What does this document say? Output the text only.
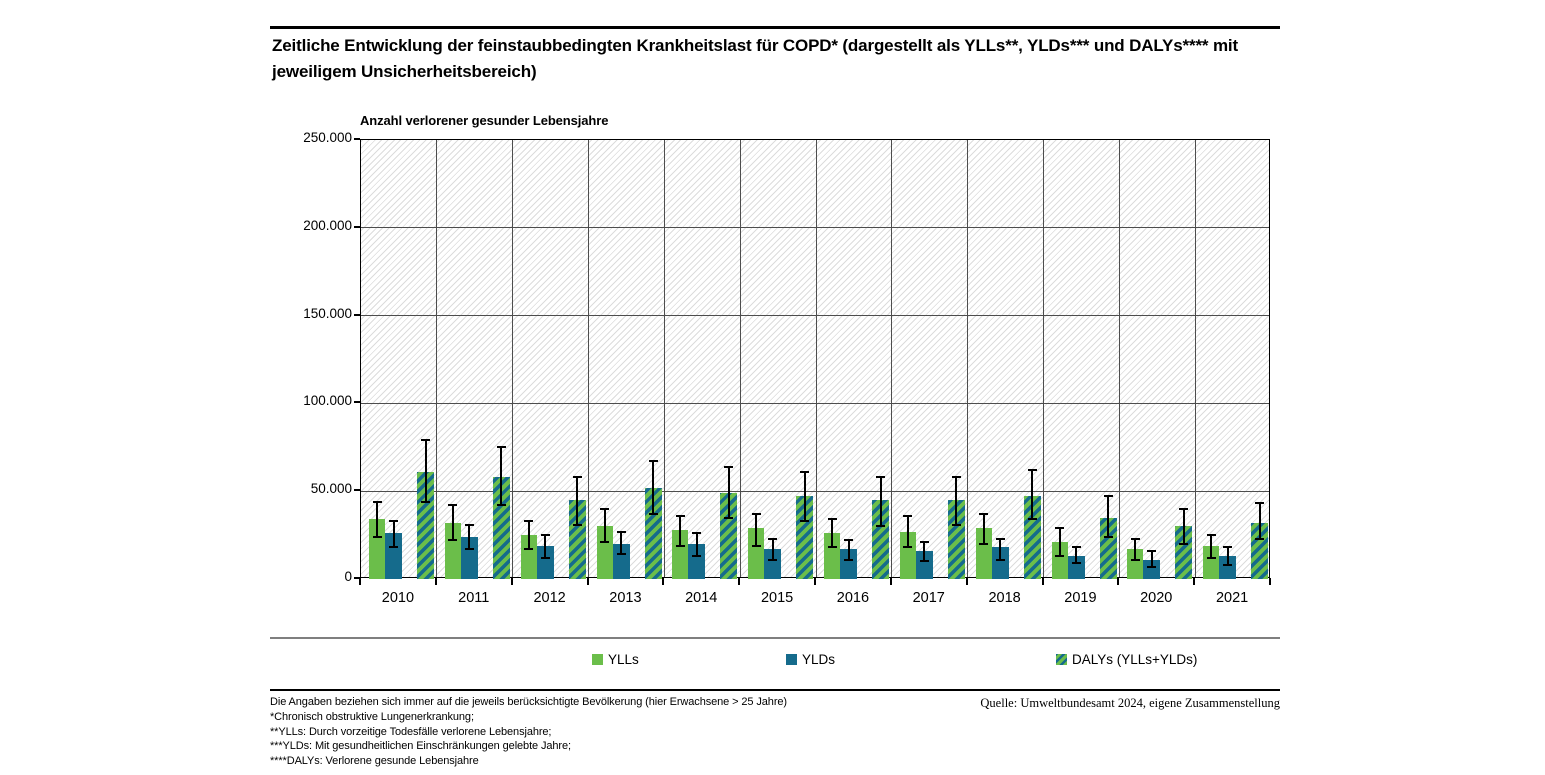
Zeitliche Entwicklung der feinstaubbedingten Krankheitslast für COPD* (dargestellt als YLLs**, YLDs*** und DALYs**** mit jeweiligem Unsicherheitsbereich)
Anzahl verlorener gesunder Lebensjahre
0
50.000
100.000
150.000
200.000
250.000
2010	2011	2012	2013	2014	2015	2016	2017	2018	2019	2020	2021
YLLs	YLDs	DALYs (YLLs+YLDs)
Die Angaben beziehen sich immer auf die jeweils berücksichtigte Bevölkerung (hier Erwachsene > 25 Jahre)
*Chronisch obstruktive Lungenerkrankung;
**YLLs: Durch vorzeitige Todesfälle verlorene Lebensjahre;
***YLDs: Mit gesundheitlichen Einschränkungen gelebte Jahre;
****DALYs: Verlorene gesunde Lebensjahre
Quelle: Umweltbundesamt 2024, eigene Zusammenstellung
